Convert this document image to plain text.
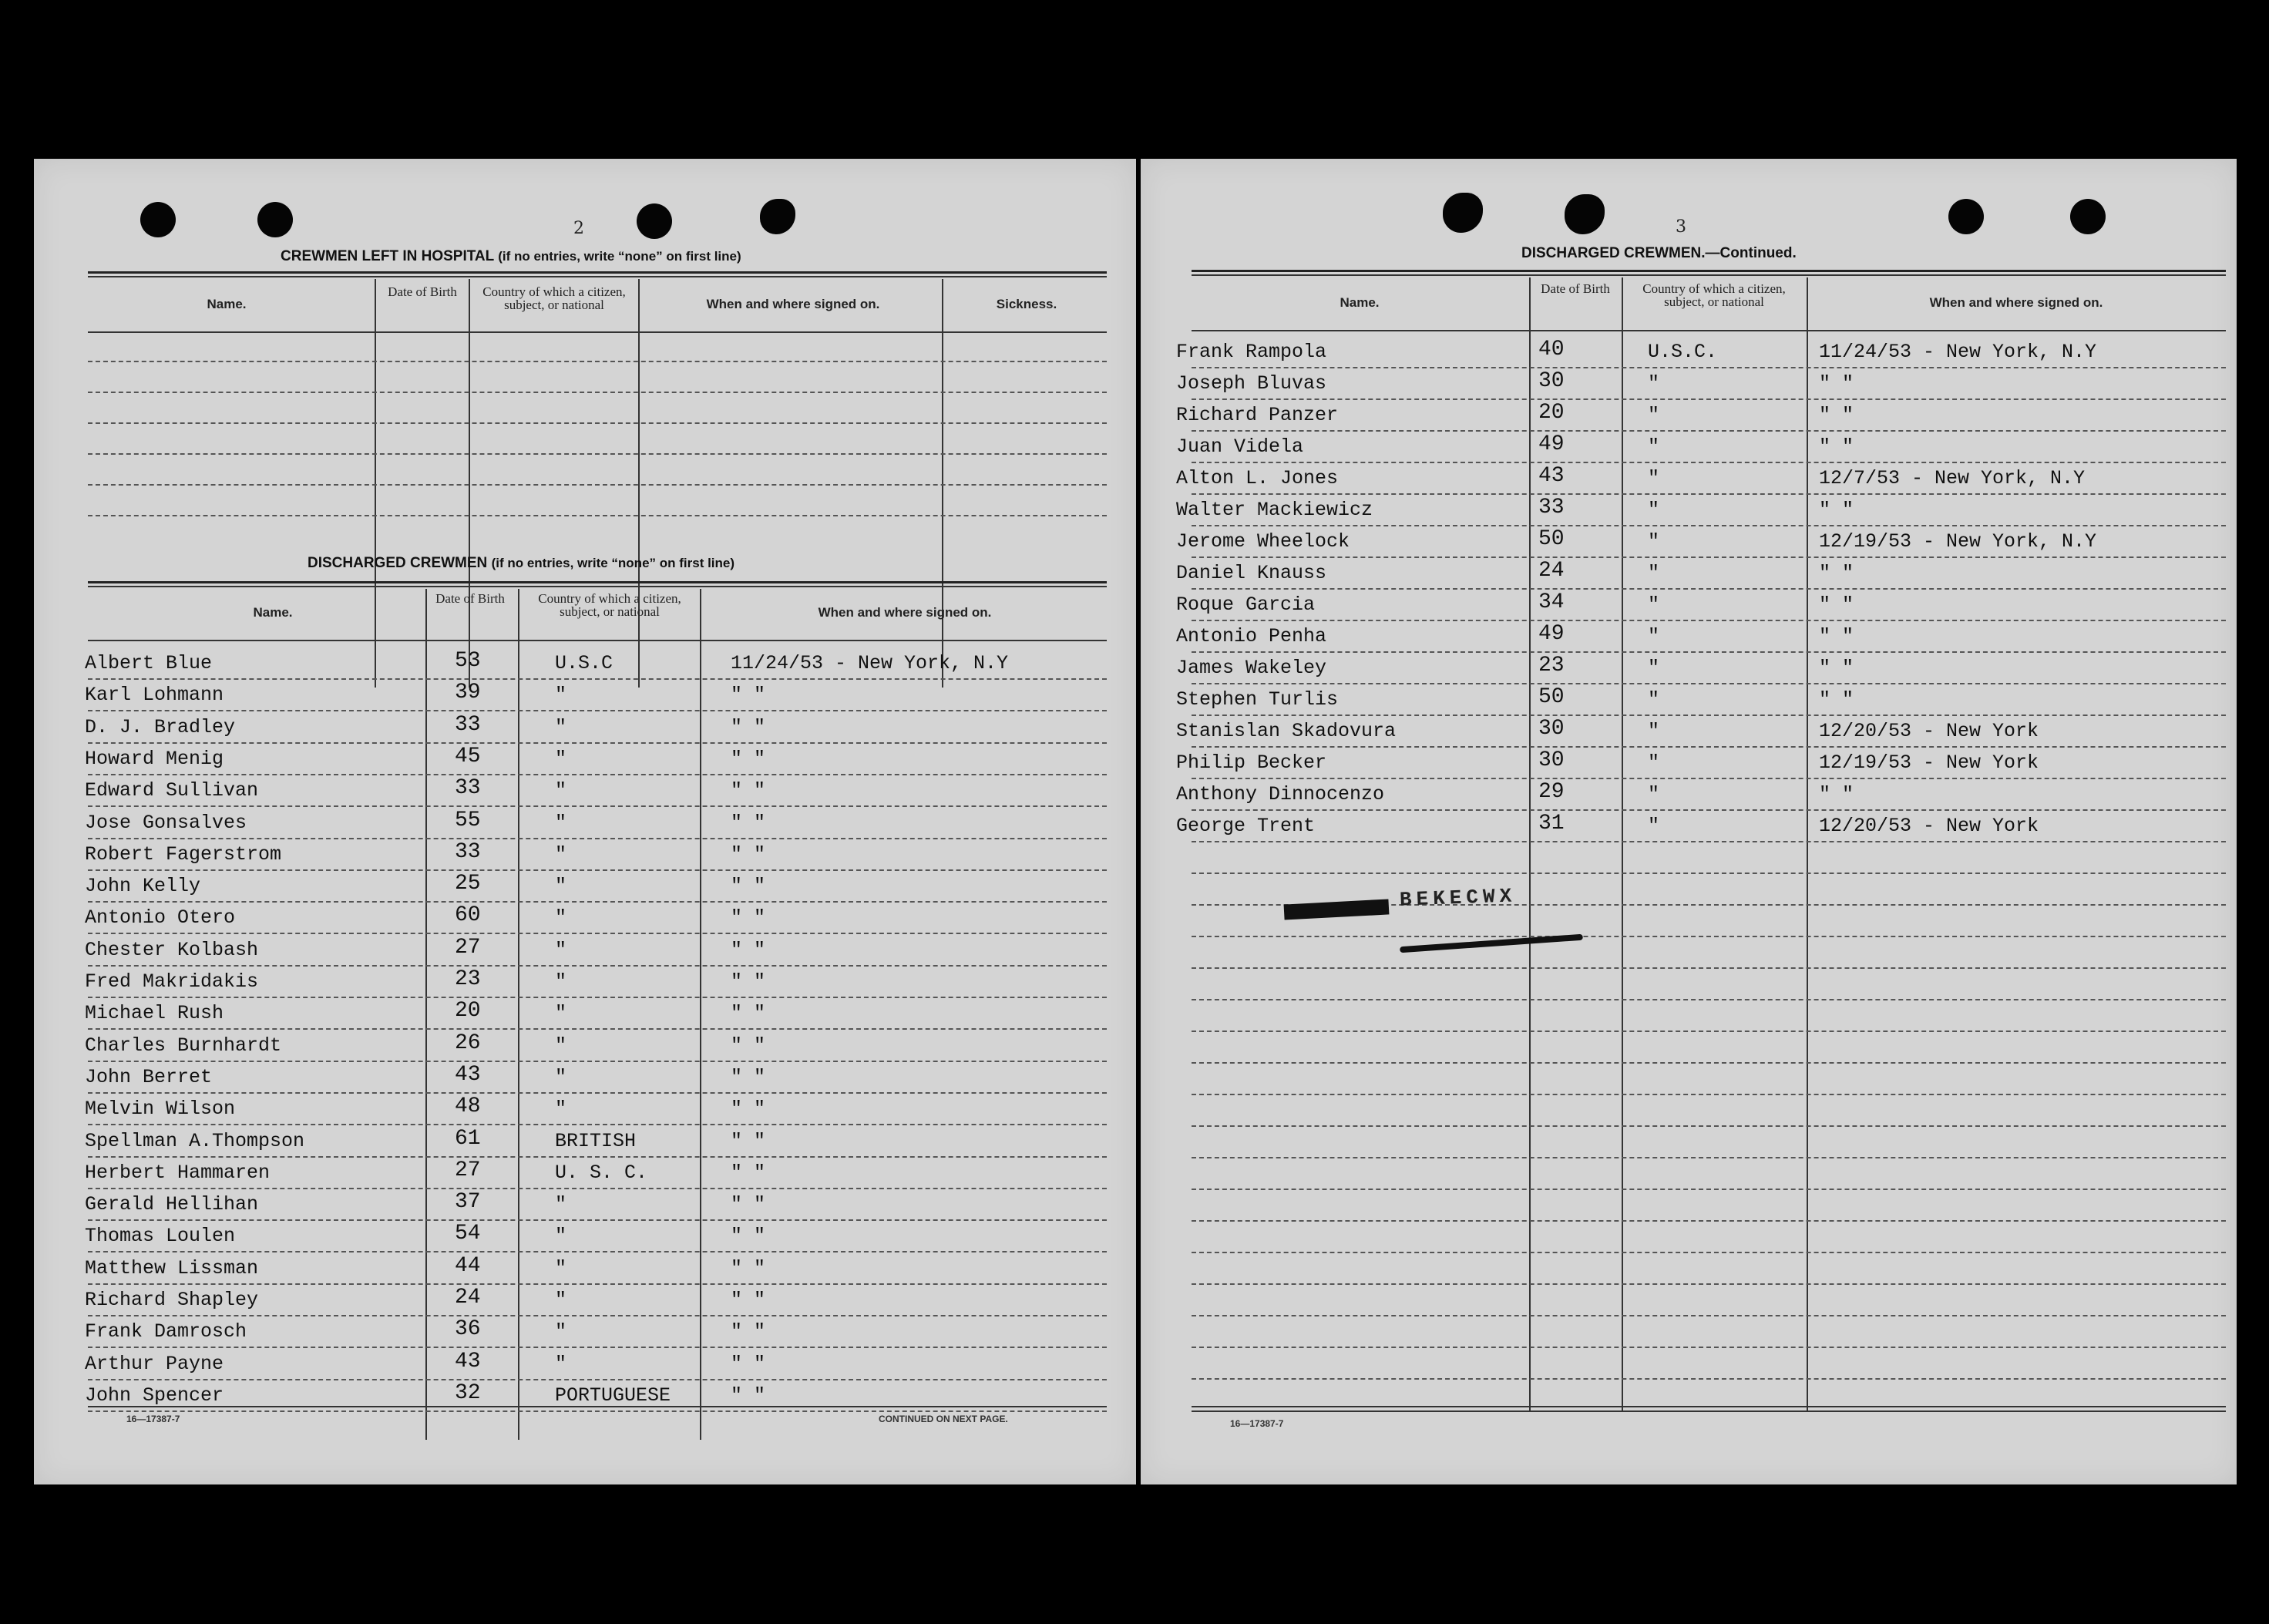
2
CREWMEN LEFT IN HOSPITAL (if no entries, write “none” on first line)
Name.
Date of Birth	Country of which a citizen, subject, or national	When and where signed on.	Sickness.
DISCHARGED CREWMEN (if no entries, write “none” on first line)
Name.
Date of Birth	Country of which a citizen, subject, or national	When and where signed on.
Albert Blue	53	U.S.C	11/24/53 - New York, N.Y
Karl Lohmann	39	"	" "
D. J. Bradley	33	"	" "
Howard Menig	45	"	" "
Edward Sullivan	33	"	" "
Jose Gonsalves	55	"	" "
Robert Fagerstrom	33	"	" "
John Kelly	25	"	" "
Antonio Otero	60	"	" "
Chester Kolbash	27	"	" "
Fred Makridakis	23	"	" "
Michael Rush	20	"	" "
Charles Burnhardt	26	"	" "
John Berret	43	"	" "
Melvin Wilson	48	"	" "
Spellman A.Thompson	61	BRITISH	" "
Herbert Hammaren	27	U. S. C.	" "
Gerald Hellihan	37	"	" "
Thomas Loulen	54	"	" "
Matthew Lissman	44	"	" "
Richard Shapley	24	"	" "
Frank Damrosch	36	"	" "
Arthur Payne	43	"	" "
John Spencer	32	PORTUGUESE	" "
16—17387-7	CONTINUED ON NEXT PAGE.
3
DISCHARGED CREWMEN.—Continued.
Name.
Date of Birth	Country of which a citizen, subject, or national	When and where signed on.
Frank Rampola	40	U.S.C.	11/24/53 - New York, N.Y
Joseph Bluvas	30	"	" "
Richard Panzer	20	"	" "
Juan Videla	49	"	" "
Alton L. Jones	43	"	12/7/53 - New York, N.Y
Walter Mackiewicz	33	"	" "
Jerome Wheelock	50	"	12/19/53 - New York, N.Y
Daniel Knauss	24	"	" "
Roque Garcia	34	"	" "
Antonio Penha	49	"	" "
James Wakeley	23	"	" "
Stephen Turlis	50	"	" "
Stanislan Skadovura	30	"	12/20/53 - New York
Philip Becker	30	"	12/19/53 - New York
Anthony Dinnocenzo	29	"	" "
George Trent	31	"	12/20/53 - New York
BEKECWX
16—17387-7
